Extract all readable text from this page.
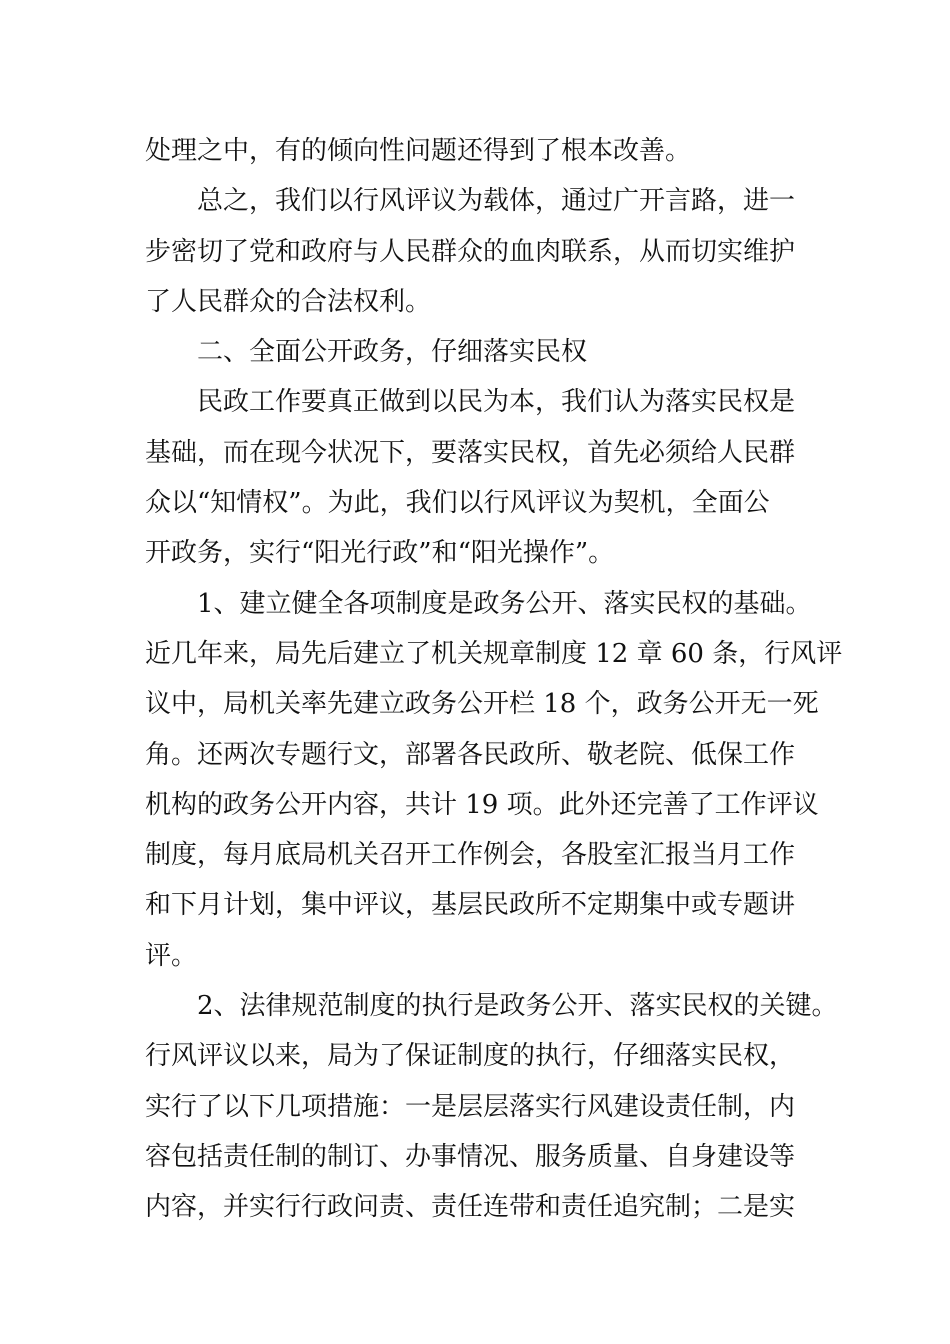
处理之中，有的倾向性问题还得到了根本改善。
总之，我们以行风评议为载体，通过广开言路，进一
步密切了党和政府与人民群众的血肉联系，从而切实维护
了人民群众的合法权利。
二、全面公开政务，仔细落实民权
民政工作要真正做到以民为本，我们认为落实民权是
基础，而在现今状况下，要落实民权，首先必须给人民群
众以“知情权”。为此，我们以行风评议为契机，全面公
开政务，实行“阳光行政”和“阳光操作”。
1、建立健全各项制度是政务公开、落实民权的基础。
近几年来，局先后建立了机关规章制度 12 章 60 条，行风评
议中，局机关率先建立政务公开栏 18 个，政务公开无一死
角。还两次专题行文，部署各民政所、敬老院、低保工作
机构的政务公开内容，共计 19 项。此外还完善了工作评议
制度，每月底局机关召开工作例会，各股室汇报当月工作
和下月计划，集中评议，基层民政所不定期集中或专题讲
评。
2、法律规范制度的执行是政务公开、落实民权的关键。
行风评议以来，局为了保证制度的执行，仔细落实民权，
实行了以下几项措施：一是层层落实行风建设责任制，内
容包括责任制的制订、办事情况、服务质量、自身建设等
内容，并实行行政问责、责任连带和责任追究制；二是实
